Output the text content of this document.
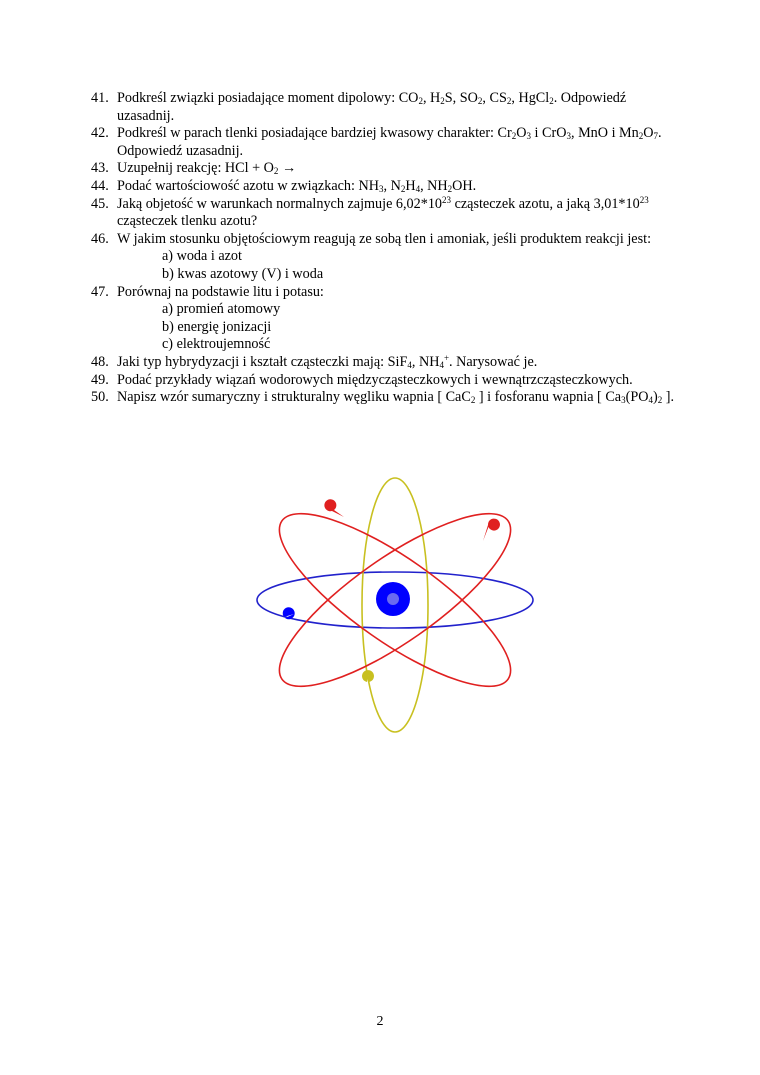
41. Podkreśl związki posiadające moment dipolowy: $CO_2$, $H_2S$, $SO_2$, $CS_2$, HgCl$_2$. Odpowiedź uzasadnij.
42. Podkreśl w parach tlenki posiadające bardziej kwasowy charakter: $Cr_2O_3$ i CrO$_3$, MnO i $Mn_2O_7$. Odpowiedź uzasadnij.
43. Uzupełnij reakcję: HCl + $O_2$ →
44. Podać wartościowość azotu w związkach: $NH_3$, $N_2H_4$, $NH_2OH$.
45. Jaką objetość w warunkach normalnych zajmuje $6,02*10^{23}$ cząsteczek azotu, a jaką $3,01*10^{23}$ cząsteczek tlenku azotu?
46. W jakim stosunku objętościowym reagują ze sobą tlen i amoniak, jeśli produktem reakcji jest:
a) woda i azot
b) kwas azotowy (V) i woda
47. Porównaj na podstawie litu i potasu:
a) promień atomowy
b) energię jonizacji
c) elektroujemność
48. Jaki typ hybrydyzacji i kształt cząsteczki mają: SiF$_4$, $NH_4^+$. Narysować je.
49. Podać przykłady wiązań wodorowych międzycząsteczkowych i wewnątrzcząsteczkowych.
50. Napisz wzór sumaryczny i strukturalny węgliku wapnia [ CaC$_2$ ] i fosforanu wapnia [ $Ca_3(PO_4)_2$ ].
2
